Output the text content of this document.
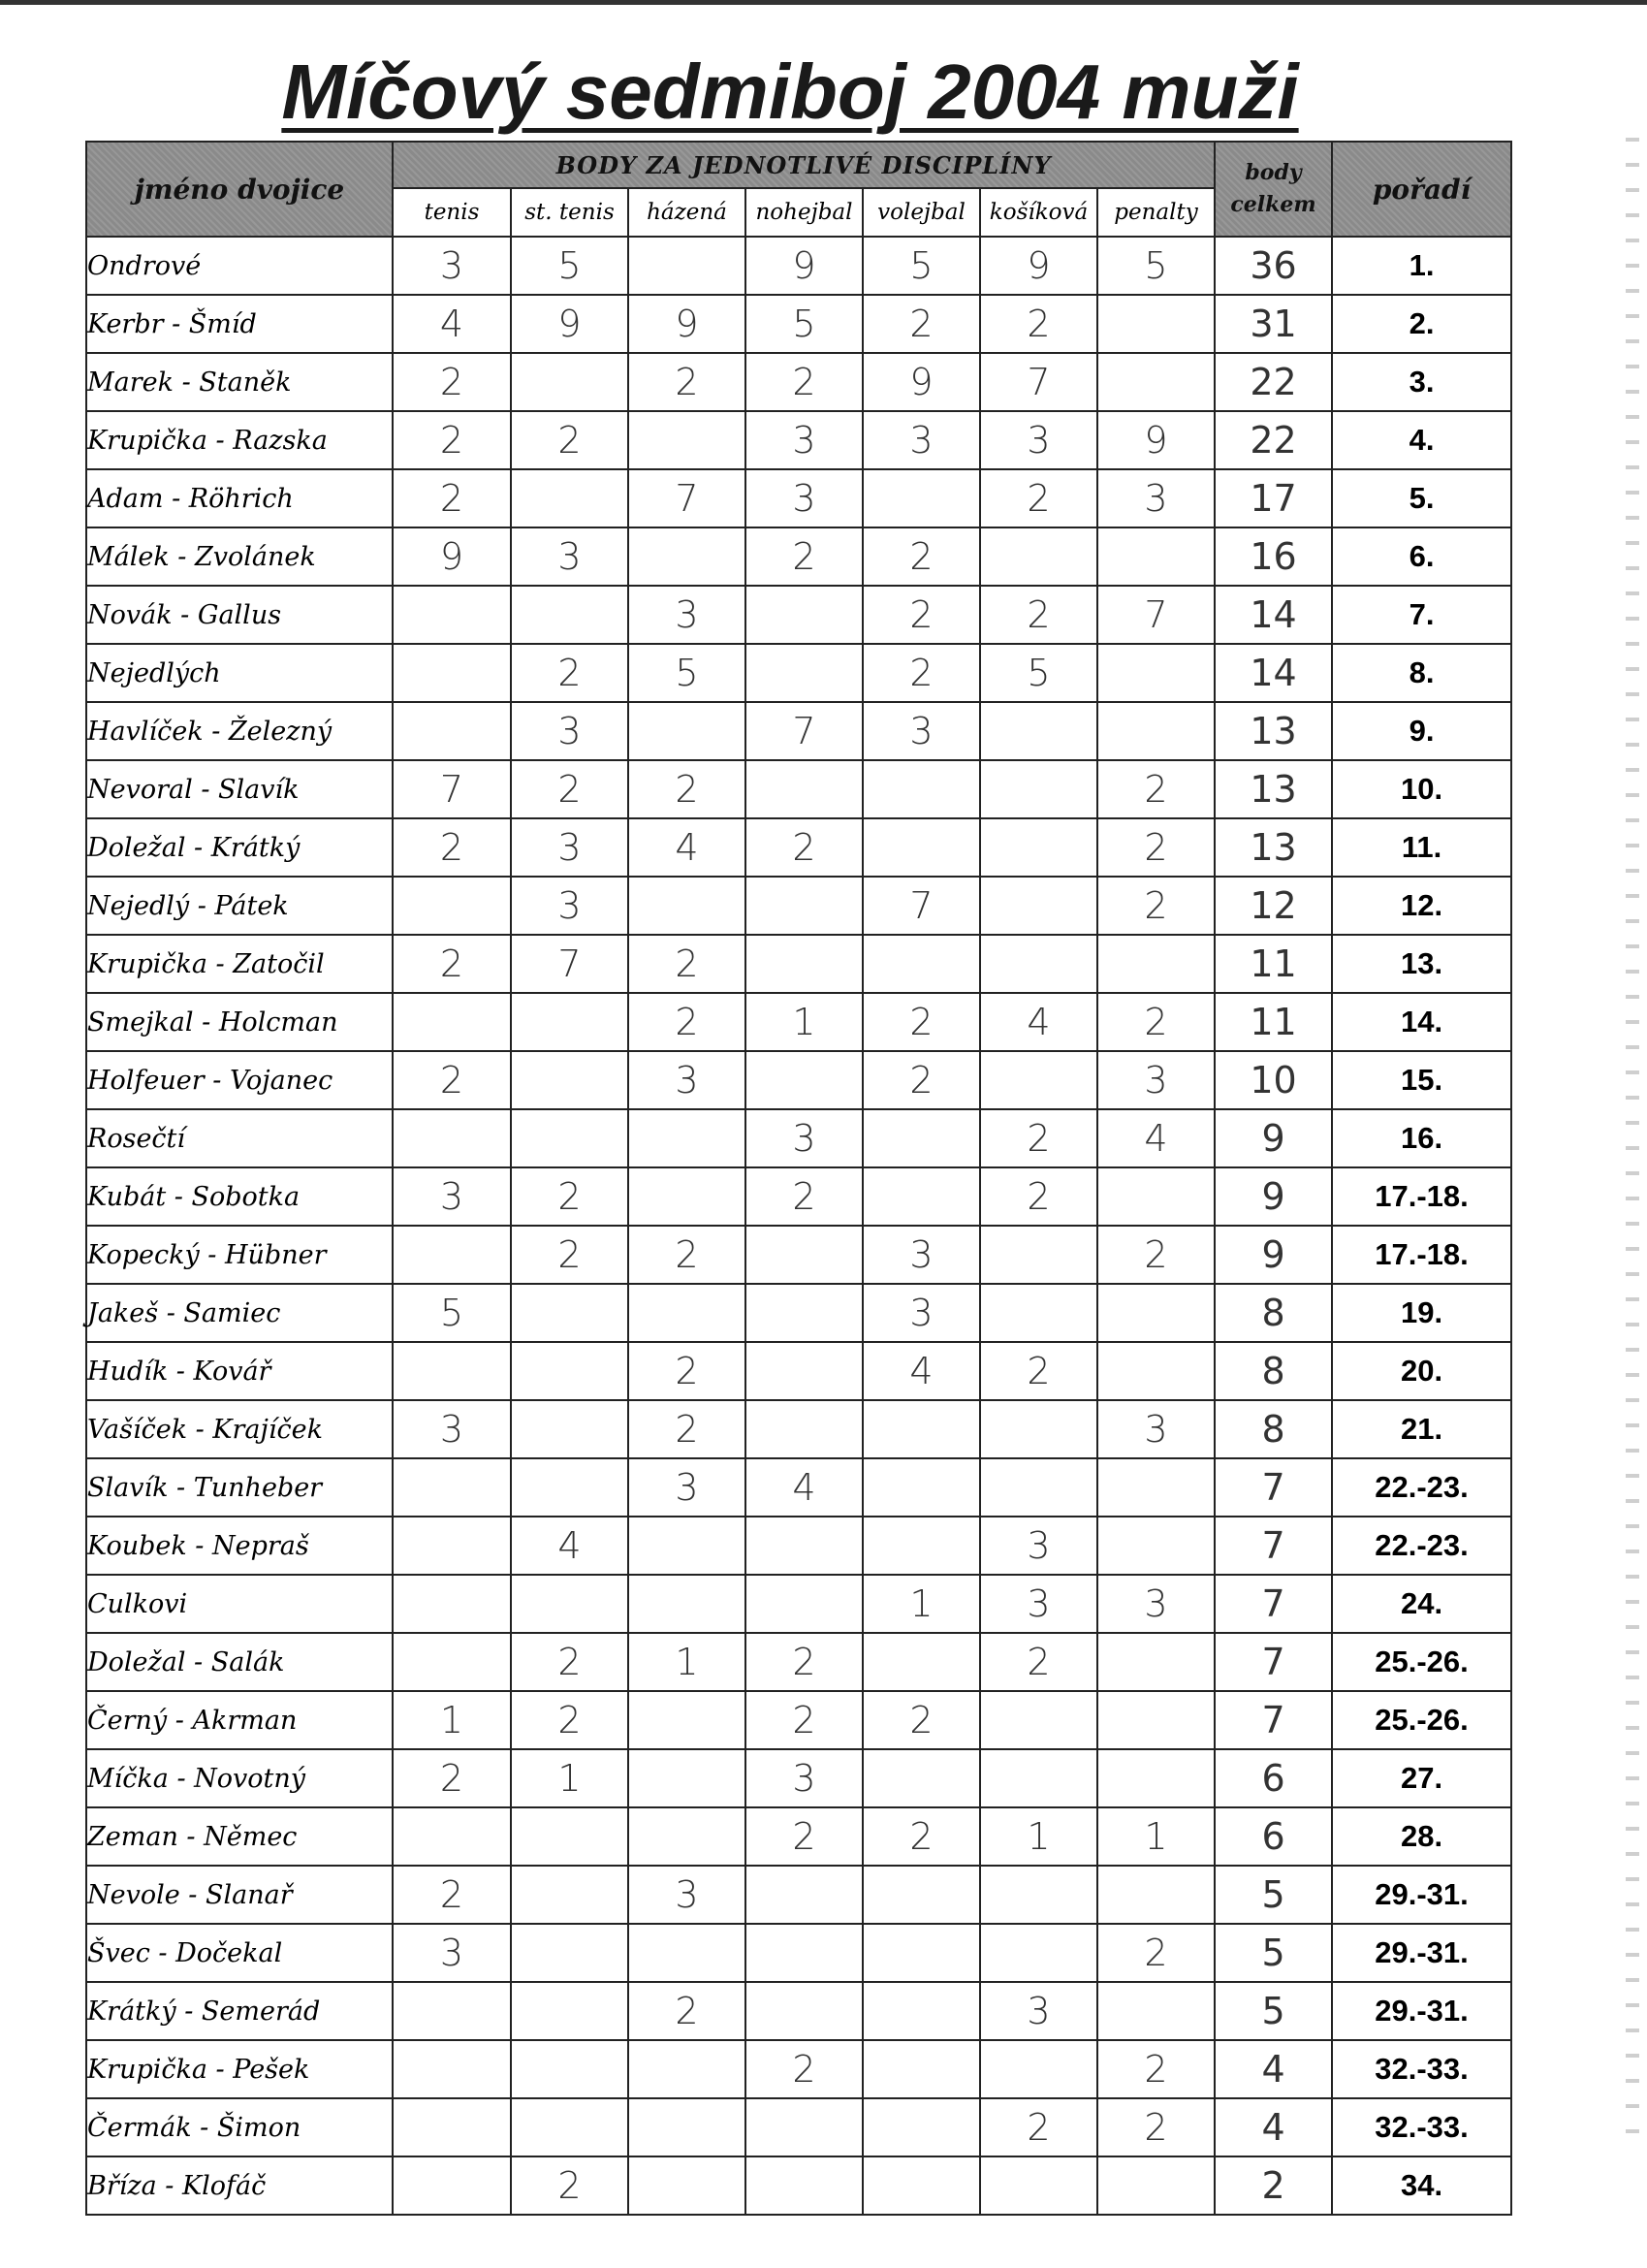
Míčový sedmiboj 2004 muži
jméno dvojice	BODY ZA JEDNOTLIVÉ DISCIPLÍNY							body celkem	pořadí
	tenis	st. tenis	házená	nohejbal	volejbal	košíková	penalty		
Ondrové	3	5		9	5	9	5	36	1.
Kerbr - Šmíd	4	9	9	5	2	2		31	2.
Marek - Staněk	2		2	2	9	7		22	3.
Krupička - Razska	2	2		3	3	3	9	22	4.
Adam - Röhrich	2		7	3		2	3	17	5.
Málek - Zvolánek	9	3		2	2			16	6.
Novák - Gallus			3		2	2	7	14	7.
Nejedlých		2	5		2	5		14	8.
Havlíček - Železný		3		7	3			13	9.
Nevoral - Slavík	7	2	2				2	13	10.
Doležal - Krátký	2	3	4	2			2	13	11.
Nejedlý - Pátek		3			7		2	12	12.
Krupička - Zatočil	2	7	2					11	13.
Smejkal - Holcman			2	1	2	4	2	11	14.
Holfeuer - Vojanec	2		3		2		3	10	15.
Rosečtí				3		2	4	9	16.
Kubát - Sobotka	3	2		2		2		9	17.-18.
Kopecký - Hübner		2	2		3		2	9	17.-18.
Jakeš - Samiec	5				3			8	19.
Hudík - Kovář			2		4	2		8	20.
Vašíček - Krajíček	3		2				3	8	21.
Slavík - Tunheber			3	4				7	22.-23.
Koubek - Nepraš		4				3		7	22.-23.
Culkovi					1	3	3	7	24.
Doležal - Salák		2	1	2		2		7	25.-26.
Černý - Akrman	1	2		2	2			7	25.-26.
Míčka - Novotný	2	1		3				6	27.
Zeman - Němec				2	2	1	1	6	28.
Nevole - Slanař	2		3					5	29.-31.
Švec - Dočekal	3						2	5	29.-31.
Krátký - Semerád			2			3		5	29.-31.
Krupička - Pešek				2			2	4	32.-33.
Čermák - Šimon						2	2	4	32.-33.
Bříza - Klofáč		2						2	34.
